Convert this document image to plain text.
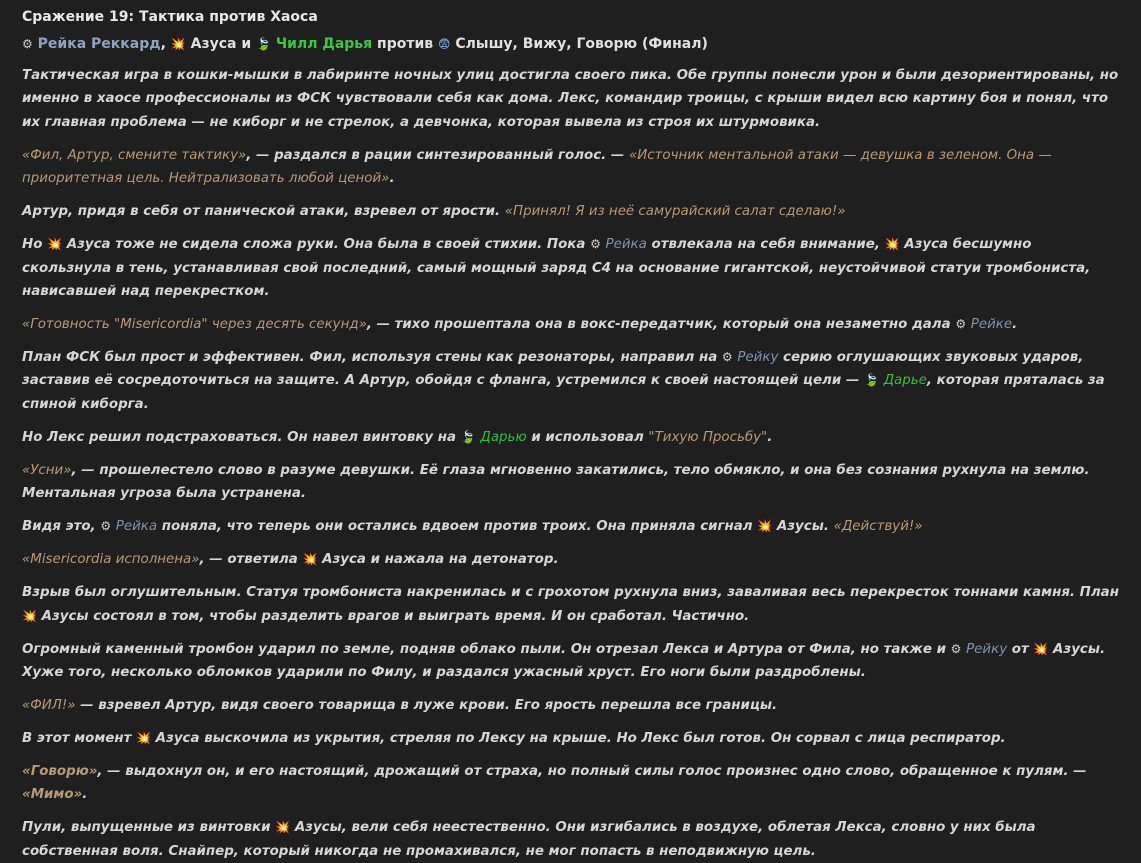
Сражение 19: Тактика против Хаоса
⚙ Рейка Реккард, 💥 Азуса и 🍃 Чилл Дарья против 😨 Слышу, Вижу, Говорю (Финал)

Тактическая игра в кошки-мышки в лабиринте ночных улиц достигла своего пика. Обе группы понесли урон и были дезориентированы, но именно в хаосе профессионалы из ФСК чувствовали себя как дома. Лекс, командир троицы, с крыши видел всю картину боя и понял, что их главная проблема — не киборг и не стрелок, а девчонка, которая вывела из строя их штурмовика.

«Фил, Артур, смените тактику», — раздался в рации синтезированный голос. — «Источник ментальной атаки — девушка в зеленом. Она — приоритетная цель. Нейтрализовать любой ценой».

Артур, придя в себя от панической атаки, взревел от ярости. «Принял! Я из неё самурайский салат сделаю!»

Но 💥 Азуса тоже не сидела сложа руки. Она была в своей стихии. Пока ⚙ Рейка отвлекала на себя внимание, 💥 Азуса бесшумно скользнула в тень, устанавливая свой последний, самый мощный заряд С4 на основание гигантской, неустойчивой статуи тромбониста, нависавшей над перекрестком.

«Готовность "Misericordia" через десять секунд», — тихо прошептала она в вокс-передатчик, который она незаметно дала ⚙ Рейке.

План ФСК был прост и эффективен. Фил, используя стены как резонаторы, направил на ⚙ Рейку серию оглушающих звуковых ударов, заставив её сосредоточиться на защите. А Артур, обойдя с фланга, устремился к своей настоящей цели — 🍃 Дарье, которая пряталась за спиной киборга.

Но Лекс решил подстраховаться. Он навел винтовку на 🍃 Дарью и использовал "Тихую Просьбу".

«Усни», — прошелестело слово в разуме девушки. Её глаза мгновенно закатились, тело обмякло, и она без сознания рухнула на землю. Ментальная угроза была устранена.

Видя это, ⚙ Рейка поняла, что теперь они остались вдвоем против троих. Она приняла сигнал 💥 Азусы. «Действуй!»

«Misericordia исполнена», — ответила 💥 Азуса и нажала на детонатор.

Взрыв был оглушительным. Статуя тромбониста накренилась и с грохотом рухнула вниз, заваливая весь перекресток тоннами камня. План 💥 Азусы состоял в том, чтобы разделить врагов и выиграть время. И он сработал. Частично.

Огромный каменный тромбон ударил по земле, подняв облако пыли. Он отрезал Лекса и Артура от Фила, но также и ⚙ Рейку от 💥 Азусы. Хуже того, несколько обломков ударили по Филу, и раздался ужасный хруст. Его ноги были раздроблены.

«ФИЛ!» — взревел Артур, видя своего товарища в луже крови. Его ярость перешла все границы.

В этот момент 💥 Азуса выскочила из укрытия, стреляя по Лексу на крыше. Но Лекс был готов. Он сорвал с лица респиратор.

«Говорю», — выдохнул он, и его настоящий, дрожащий от страха, но полный силы голос произнес одно слово, обращенное к пулям. — «Мимо».

Пули, выпущенные из винтовки 💥 Азусы, вели себя неестественно. Они изгибались в воздухе, облетая Лекса, словно у них была собственная воля. Снайпер, который никогда не промахивался, не мог попасть в неподвижную цель.
